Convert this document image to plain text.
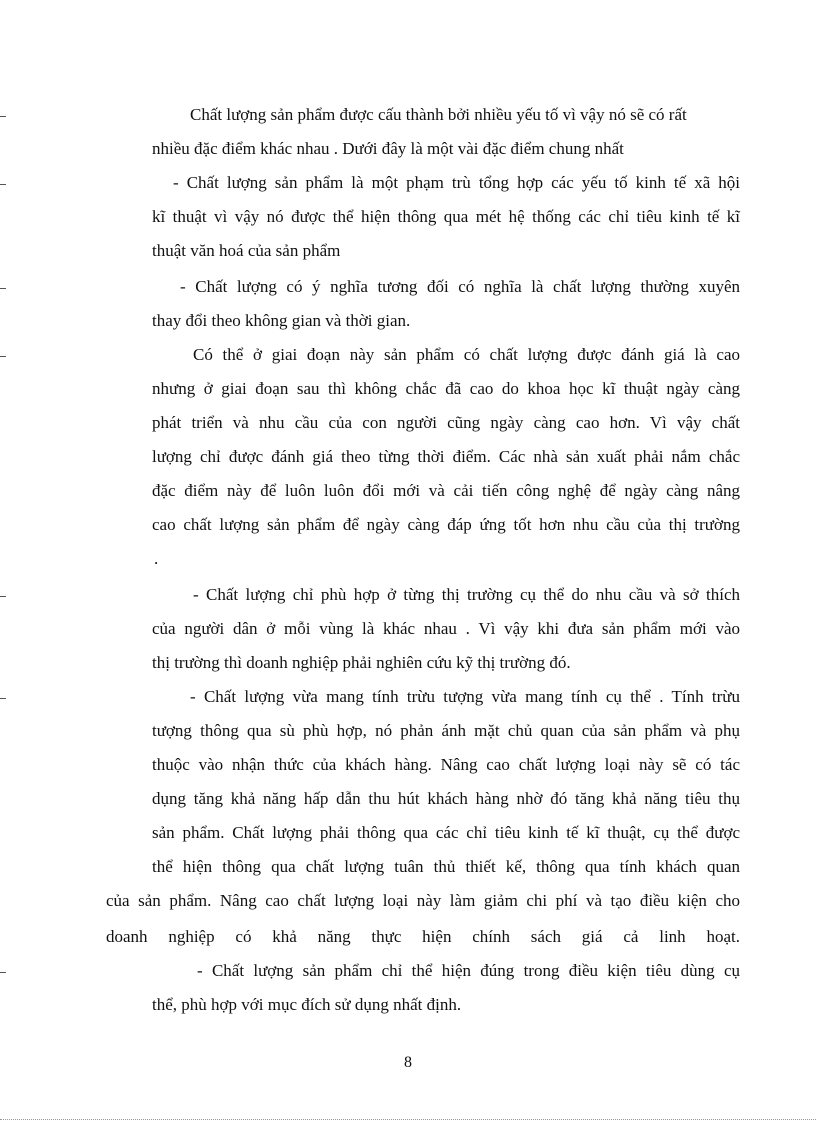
Chất lượng sản phẩm được cấu thành bởi nhiều yếu tố vì vậy nó sẽ có rất

nhiều đặc điểm khác nhau . Dưới đây là một vài đặc điểm chung nhất

- Chất lượng sản phẩm là một phạm trù tổng hợp các yếu tố kinh tế xã hội

kĩ thuật vì vậy nó được thể hiện thông qua mét hệ thống các chỉ tiêu kinh tế kĩ

thuật văn hoá của sản phẩm

- Chất lượng có ý nghĩa tương đối có nghĩa là chất lượng thường xuyên

thay đổi theo không gian và thời gian.

Có thể ở giai đoạn này sản phẩm có chất lượng được đánh giá là cao

nhưng ở giai đoạn sau thì không chắc đã cao do khoa học kĩ thuật ngày càng

phát triển và nhu cầu của con người cũng ngày càng cao hơn. Vì vậy chất

lượng chỉ được đánh giá theo từng thời điểm. Các nhà sản xuất phải nắm chắc

đặc điểm này để luôn luôn đổi mới và cải tiến công nghệ để ngày càng nâng

cao chất lượng sản phẩm để ngày càng đáp ứng tốt hơn nhu cầu của thị trường

.

- Chất lượng chỉ phù hợp ở từng thị trường cụ thể do nhu cầu và sở thích

của người dân ở mỗi vùng là khác nhau . Vì vậy khi đưa sản phẩm mới vào

thị trường thì doanh nghiệp phải nghiên cứu kỹ thị trường đó.

- Chất lượng vừa mang tính trừu tượng vừa mang tính cụ thể . Tính trừu

tượng thông qua sù phù hợp, nó phản ánh mặt chủ quan của sản phẩm và phụ

thuộc vào nhận thức của khách hàng. Nâng cao chất lượng loại này sẽ có tác

dụng tăng khả năng hấp dẫn thu hút khách hàng nhờ đó tăng khả năng tiêu thụ

sản phẩm. Chất lượng phải thông qua các chỉ tiêu kinh tế kĩ thuật, cụ thể được

thể hiện thông qua chất lượng tuân thủ thiết kế, thông qua tính khách quan

của sản phẩm. Nâng cao chất lượng loại này làm giảm chi phí và tạo điều kiện cho

doanh nghiệp có khả năng thực hiện chính sách giá cả linh hoạt.

- Chất lượng sản phẩm chỉ thể hiện đúng trong điều kiện tiêu dùng cụ

thể, phù hợp với mục đích sử dụng nhất định.

8
